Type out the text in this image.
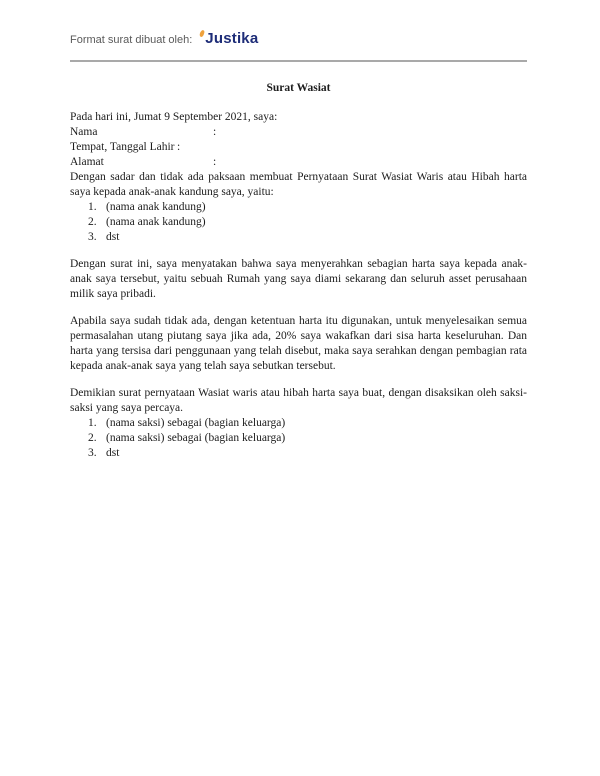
Format surat dibuat oleh: Justika
Surat Wasiat

Pada hari ini, Jumat 9 September 2021, saya:

Nama	:
Tempat, Tanggal Lahir :
Alamat	:

Dengan sadar dan tidak ada paksaan membuat Pernyataan Surat Wasiat Waris atau Hibah harta saya kepada anak-anak kandung saya, yaitu:

1. (nama anak kandung)
2. (nama anak kandung)
3. dst

Dengan surat ini, saya menyatakan bahwa saya menyerahkan sebagian harta saya kepada anak-anak saya tersebut, yaitu sebuah Rumah yang saya diami sekarang dan seluruh asset perusahaan milik saya pribadi.

Apabila saya sudah tidak ada, dengan ketentuan harta itu digunakan, untuk menyelesaikan semua permasalahan utang piutang saya jika ada, 20% saya wakafkan dari sisa harta keseluruhan. Dan harta yang tersisa dari penggunaan yang telah disebut, maka saya serahkan dengan pembagian rata kepada anak-anak saya yang telah saya sebutkan tersebut.

Demikian surat pernyataan Wasiat waris atau hibah harta saya buat, dengan disaksikan oleh saksi-saksi yang saya percaya.

1. (nama saksi) sebagai (bagian keluarga)
2. (nama saksi) sebagai (bagian keluarga)
3. dst
